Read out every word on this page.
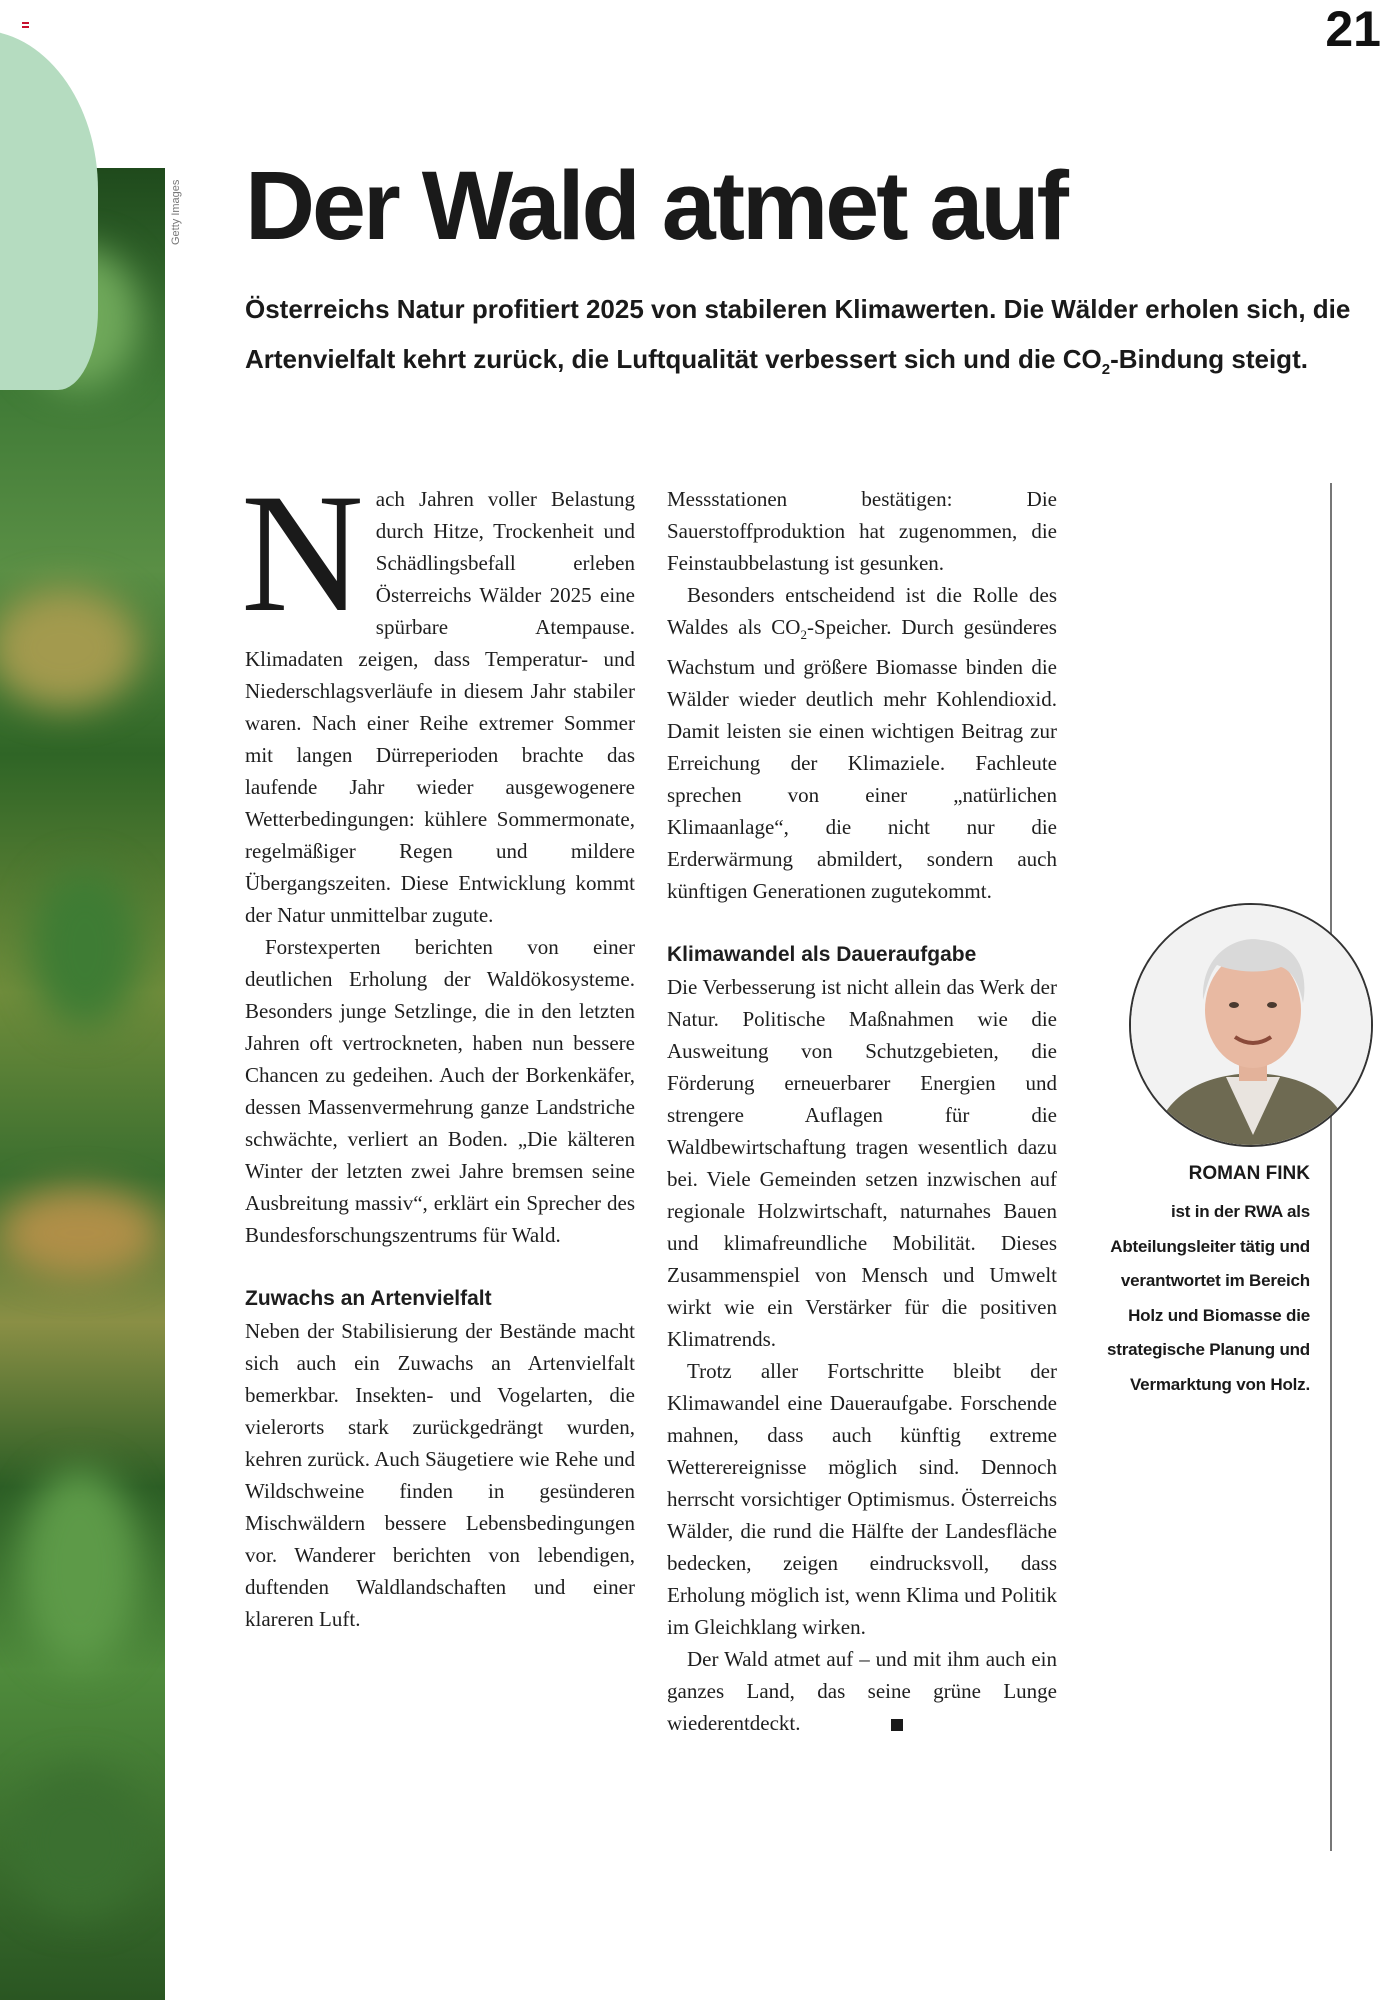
Getty Images
21
Der Wald atmet auf

Österreichs Natur profitiert 2025 von stabileren Klimawerten. Die Wälder erholen sich, die Artenvielfalt kehrt zurück, die Luftqualität verbessert sich und die $CO_2$-Bindung steigt.

N ach Jahren voller Belastung durch Hitze, Trockenheit und Schädlingsbefall erleben Österreichs Wälder 2025 eine spürbare Atempause. Klimadaten zeigen, dass Temperatur- und Niederschlagsverläufe in diesem Jahr stabiler waren. Nach einer Reihe extremer Sommer mit langen Dürreperioden brachte das laufende Jahr wieder ausgewogenere Wetterbedingungen: kühlere Sommermonate, regelmäßiger Regen und mildere Übergangszeiten. Diese Entwicklung kommt der Natur unmittelbar zugute.

Forstexperten berichten von einer deutlichen Erholung der Waldökosysteme. Besonders junge Setzlinge, die in den letzten Jahren oft vertrockneten, haben nun bessere Chancen zu gedeihen. Auch der Borkenkäfer, dessen Massenvermehrung ganze Landstriche schwächte, verliert an Boden. „Die kälteren Winter der letzten zwei Jahre bremsen seine Ausbreitung massiv“, erklärt ein Sprecher des Bundesforschungszentrums für Wald.

Zuwachs an Artenvielfalt

Neben der Stabilisierung der Bestände macht sich auch ein Zuwachs an Artenvielfalt bemerkbar. Insekten- und Vogelarten, die vielerorts stark zurückgedrängt wurden, kehren zurück. Auch Säugetiere wie Rehe und Wildschweine finden in gesünderen Mischwäldern bessere Lebensbedingungen vor. Wanderer berichten von lebendigen, duftenden Waldlandschaften und einer klareren Luft.

Messstationen bestätigen: Die Sauerstoffproduktion hat zugenommen, die Feinstaubbelastung ist gesunken.

Besonders entscheidend ist die Rolle des Waldes als $CO_2$-Speicher. Durch gesünderes Wachstum und größere Biomasse binden die Wälder wieder deutlich mehr Kohlendioxid. Damit leisten sie einen wichtigen Beitrag zur Erreichung der Klimaziele. Fachleute sprechen von einer „natürlichen Klimaanlage“, die nicht nur die Erderwärmung abmildert, sondern auch künftigen Generationen zugutekommt.

Klimawandel als Daueraufgabe

Die Verbesserung ist nicht allein das Werk der Natur. Politische Maßnahmen wie die Ausweitung von Schutzgebieten, die Förderung erneuerbarer Energien und strengere Auflagen für die Waldbewirtschaftung tragen wesentlich dazu bei. Viele Gemeinden setzen inzwischen auf regionale Holzwirtschaft, naturnahes Bauen und klimafreundliche Mobilität. Dieses Zusammenspiel von Mensch und Umwelt wirkt wie ein Verstärker für die positiven Klimatrends.

Trotz aller Fortschritte bleibt der Klimawandel eine Daueraufgabe. Forschende mahnen, dass auch künftig extreme Wetterereignisse möglich sind. Dennoch herrscht vorsichtiger Optimismus. Österreichs Wälder, die rund die Hälfte der Landesfläche bedecken, zeigen eindrucksvoll, dass Erholung möglich ist, wenn Klima und Politik im Gleichklang wirken.

Der Wald atmet auf – und mit ihm auch ein ganzes Land, das seine grüne Lunge wiederentdeckt.

ROMAN FINK
ist in der RWA als Abteilungsleiter tätig und verantwortet im Bereich Holz und Biomasse die strategische Planung und Vermarktung von Holz.
